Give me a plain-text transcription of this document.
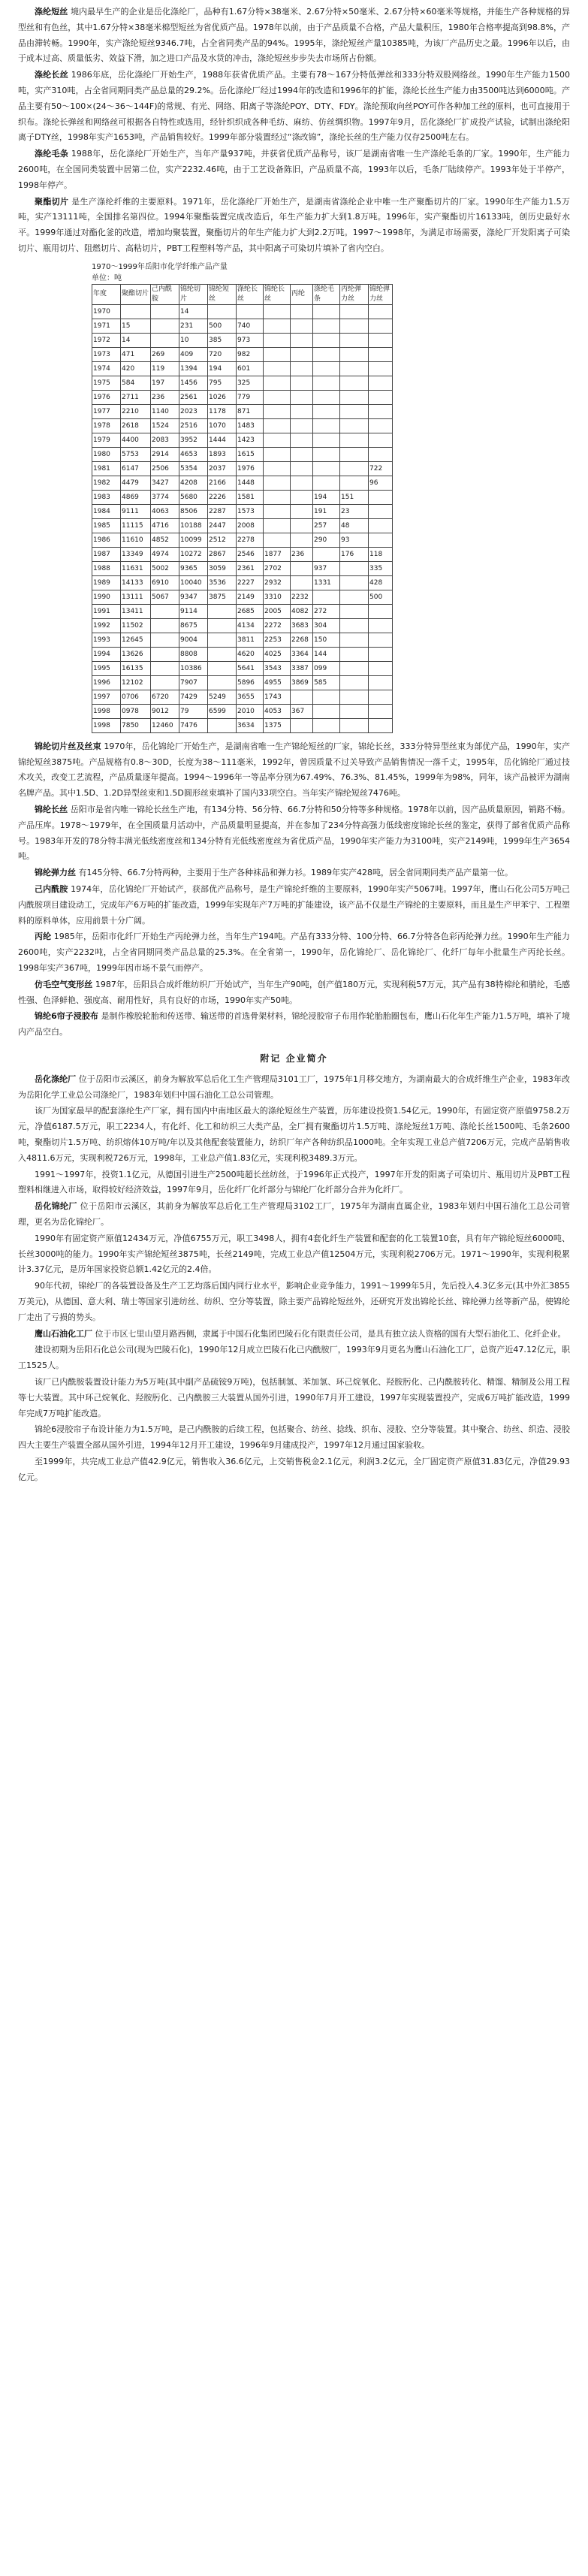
涤纶短丝 境内最早生产的企业是岳化涤纶厂，品种有1.67分特×38毫米、2.67分特×50毫米、2.67分特×60毫米等规格，并能生产各种规格的异型丝和有色丝，其中1.67分特×38毫米棉型短丝为省优质产品。1978年以前，由于产品质量不合格，产品大量积压，1980年合格率提高到98.8%，产品由滞转畅。1990年，实产涤纶短丝9346.7吨，占全省同类产品的94%。1995年，涤纶短丝产量10385吨，为该厂产品历史之最。1996年以后，由于成本过高、质量低劣、效益下滑，加之进口产品及水货的冲击，涤纶短丝步步失去市场所占份额。

涤纶长丝 1986年底，岳化涤纶厂开始生产，1988年获省优质产品。主要有78～167分特低弹丝和333分特双股网络丝。1990年生产能力1500吨，实产310吨，占全省同期同类产品总量的29.2%。岳化涤纶厂经过1994年的改造和1996年的扩能，涤纶长丝生产能力由3500吨达到6000吨。产品主要有50～100×(24～36～144F)的常规、有光、网络、阳离子等涤纶POY、DTY、FDY。涤纶预取向丝POY可作各种加工丝的原料，也可直接用于织布。涤纶长弹丝和网络丝可根据各自特性或选用，经针织织成各种毛纺、麻纺、仿丝绸织物。1997年9月，岳化涤纶厂扩成投产试验，试制出涤纶阳离子DTY丝，1998年实产1653吨，产品销售较好。1999年部分装置经过“涤改锦”，涤纶长丝的生产能力仅存2500吨左右。

涤纶毛条 1988年，岳化涤纶厂开始生产，当年产量937吨，并获省优质产品称号，该厂是湖南省唯一生产涤纶毛条的厂家。1990年，生产能力2600吨，在全国同类装置中居第二位，实产2232.46吨，由于工艺设备陈旧，产品质量不高，1993年以后，毛条厂陆续停产。1993年处于半停产，1998年停产。

聚酯切片 是生产涤纶纤维的主要原料。1971年，岳化涤纶厂开始生产，是湖南省涤纶企业中唯一生产聚酯切片的厂家。1990年生产能力1.5万吨，实产13111吨，全国排名第四位。1994年聚酯装置完成改造后，年生产能力扩大到1.8万吨。1996年，实产聚酯切片16133吨，创历史最好水平。1999年通过对酯化釜的改造，增加均聚装置，聚酯切片的年生产能力扩大到2.2万吨。1997～1998年，为满足市场需要，涤纶厂开发阳离子可染切片、瓶用切片、阻燃切片、高粘切片，PBT工程塑料等产品，其中阳离子可染切片填补了省内空白。

1970～1999年岳阳市化学纤维产品产量
单位：吨
年度	聚酯切片	己内酰胺	锦纶切片	锦纶短丝	涤纶长丝	锦纶长丝	丙纶	涤纶毛条	丙纶弹力丝	锦纶弹力丝
1970			14							
1971	15		231	500	740					
1972	14		10	385	973					
1973	471	269	409	720	982					
1974	420	119	1394	194	601					
1975	584	197	1456	795	325					
1976	2711	236	2561	1026	779					
1977	2210	1140	2023	1178	871					
1978	2618	1524	2516	1070	1483					
1979	4400	2083	3952	1444	1423					
1980	5753	2914	4653	1893	1615					
1981	6147	2506	5354	2037	1976					722
1982	4479	3427	4208	2166	1448					96
1983	4869	3774	5680	2226	1581			194	151	
1984	9111	4063	8506	2287	1573			191	23	
1985	11115	4716	10188	2447	2008			257	48	
1986	11610	4852	10099	2512	2278			290	93	
1987	13349	4974	10272	2867	2546	1877	236		176	118
1988	11631	5002	9365	3059	2361	2702		937		335
1989	14133	6910	10040	3536	2227	2932		1331		428
1990	13111	5067	9347	3875	2149	3310	2232			500
1991	13411		9114		2685	2005	4082	272		
1992	11502		8675		4134	2272	3683	304		
1993	12645		9004		3811	2253	2268	150		
1994	13626		8808		4620	4025	3364	144		
1995	16135		10386		5641	3543	3387	099		
1996	12102		7907		5896	4955	3869	585		
1997	0706	6720	7429	5249	3655	1743				
1998	0978	9012	79	6599	2010	4053	367			
1998	7850	12460	7476		3634	1375				

锦纶切片丝及丝束 1970年，岳化锦纶厂开始生产，是湖南省唯一生产锦纶短丝的厂家，锦纶长丝，333分特异型丝束为部优产品，1990年，实产锦纶短丝3875吨。产品规格有0.8～30D，长度为38～111毫米，1992年，曾因质量不过关导致产品销售情况一落千丈，1995年，岳化锦纶厂通过技术攻关，改变工艺流程，产品质量逐年提高。1994～1996年一等品率分别为67.49%、76.3%、81.45%，1999年为98%，同年，该产品被评为湖南名牌产品。其中1.5D、1.2D异型丝束和1.5D圆形丝束填补了国内33项空白。当年实产锦纶短丝7476吨。

锦纶长丝 岳阳市是省内唯一锦纶长丝生产地，有134分特、56分特、66.7分特和50分特等多种规格。1978年以前，因产品质量原因，销路不畅。产品压库。1978～1979年，在全国质量月活动中，产品质量明显提高，并在参加了234分特高强力低线密度锦纶长丝的鉴定，获得了部省优质产品称号。1983年开发的78分特丰满光低线密度丝和134分特有光低线密度丝为省优质产品，1990年实产能力为3100吨，实产2149吨，1999年生产3654吨。

锦纶弹力丝 有145分特、66.7分特两种，主要用于生产各种袜品和弹力衫。1989年实产428吨，居全省同期同类产品产量第一位。

己内酰胺 1974年，岳化锦纶厂开始试产，获部优产品称号，是生产锦纶纤维的主要原料，1990年实产5067吨。1997年，鹰山石化公司5万吨己内酰胺项目建设动工，完成年产6万吨的扩能改造，1999年实现年产7万吨的扩能建设，该产品不仅是生产锦纶的主要原料，而且是生产甲苯宁、工程塑料的原料单体，应用前景十分广阔。

丙纶 1985年，岳阳市化纤厂开始生产丙纶弹力丝，当年生产194吨。产品有333分特、100分特、66.7分特各色彩丙纶弹力丝。1990年生产能力2600吨，实产2232吨，占全省同期同类产品总量的25.3%。在全省第一，1990年，岳化锦纶厂、岳化锦纶厂、化纤厂每年小批量生产丙纶长丝。1998年实产367吨，1999年因市场不景气而停产。

仿毛空气变形丝 1987年，岳阳县合成纤维纺织厂开始试产，当年生产90吨，创产值180万元，实现利税57万元，其产品有38特棉纶和腈纶，毛感性强、色泽鲜艳、强度高、耐用性好，具有良好的市场，1990年实产50吨。

锦纶6帘子浸胶布 是制作橡胶轮胎和传送带、输送带的首选骨架材料，锦纶浸胶帘子布用作轮胎胎圈包布，鹰山石化年生产能力1.5万吨，填补了境内产品空白。

附记 企业简介

岳化涤纶厂 位于岳阳市云溪区，前身为解放军总后化工生产管理局3101工厂，1975年1月移交地方，为湖南最大的合成纤维生产企业，1983年改为岳阳化学工业总公司涤纶厂，1983年划归中国石油化工总公司管理。

该厂为国家最早的配套涤纶生产厂家，拥有国内中南地区最大的涤纶短丝生产装置，历年建设投资1.54亿元。1990年，有固定资产原值9758.2万元，净值6187.5万元，职工2234人，有化纤、化工和纺织三大类产品，全厂拥有聚酯切片1.5万吨、涤纶短丝1万吨、涤纶长丝1500吨、毛条2600吨，聚酯切片1.5万吨、纺织熔体10万吨/年以及其他配套装置能力，纺织厂年产各种纺织品1000吨。全年实现工业总产值7206万元，完成产品销售收入4811.6万元，实现利税726万元，1998年，工业总产值1.83亿元，实现利税3489.3万元。

1991～1997年，投资1.1亿元，从德国引进生产2500吨超长丝纺丝，于1996年正式投产，1997年开发的阳离子可染切片、瓶用切片及PBT工程塑料相继进入市场，取得较好经济效益，1997年9月，岳化纤厂化纤部分与锦纶厂化纤部分合并为化纤厂。

岳化锦纶厂 位于岳阳市云溪区，其前身为解放军总后化工生产管理局3102工厂，1975年为湖南直属企业，1983年划归中国石油化工总公司管理，更名为岳化锦纶厂。

1990年有固定资产原值12434万元，净值6755万元，职工3498人，拥有4套化纤生产装置和配套的化工装置10套，具有年产锦纶短丝6000吨、长丝3000吨的能力。1990年实产锦纶短丝3875吨，长丝2149吨，完成工业总产值12504万元，实现利税2706万元。1971～1990年，实现利税累计3.37亿元，是历年国家投资总额1.42亿元的2.4倍。

90年代初，锦纶厂的各装置设备及生产工艺均落后国内同行业水平，影响企业竞争能力，1991～1999年5月，先后投入4.3亿多元(其中外汇3855万美元)，从德国、意大利、瑞士等国家引进纺丝、纺织、空分等装置，除主要产品锦纶短丝外，还研究开发出锦纶长丝、锦纶弹力丝等新产品，使锦纶厂走出了亏损的势头。

鹰山石油化工厂 位于市区七里山望月路西侧，隶属于中国石化集团巴陵石化有限责任公司，是具有独立法人资格的国有大型石油化工、化纤企业。

建设初期为岳阳石化总公司(现为巴陵石化)，1990年12月成立巴陵石化已内酰胺厂，1993年9月更名为鹰山石油化工厂，总资产近47.12亿元，职工1525人。

该厂已内酰胺装置设计能力为5万吨(其中副产品硫铵9万吨)，包括制氢、苯加氢、环己烷氧化、羟胺肟化、己内酰胺转化、精馏、精制及公用工程等七大装置。其中环己烷氧化、羟胺肟化、己内酰胺三大装置从国外引进，1990年7月开工建设，1997年实现装置投产，完成6万吨扩能改造，1999年完成7万吨扩能改造。

锦纶6浸胶帘子布设计能力为1.5万吨，是己内酰胺的后续工程，包括聚合、纺丝、捻线、织布、浸胶、空分等装置。其中聚合、纺丝、织造、浸胶四大主要生产装置全部从国外引进，1994年12月开工建设，1996年9月建成投产，1997年12月通过国家验收。

至1999年，共完成工业总产值42.9亿元，销售收入36.6亿元，上交销售税金2.1亿元，利润3.2亿元，全厂固定资产原值31.83亿元，净值29.93亿元。
